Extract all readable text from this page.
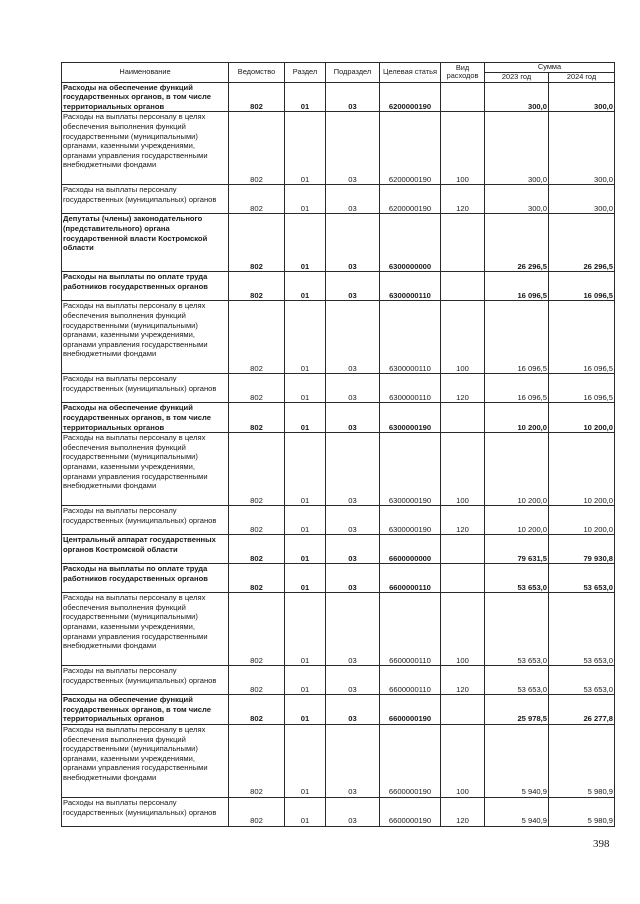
Наименование	Ведомство	Раздел	Подраздел	Целевая статья	Вид расходов	Сумма	
						2023 год	2024 год
Расходы на обеспечение функций государственных органов, в том числе территориальных органов	802	01	03	6200000190		300,0	300,0
Расходы на выплаты персоналу в целях обеспечения выполнения функций государственными (муниципальными) органами, казенными учреждениями, органами управления государственными внебюджетными фондами	802	01	03	6200000190	100	300,0	300,0
Расходы на выплаты персоналу государственных (муниципальных) органов	802	01	03	6200000190	120	300,0	300,0
Депутаты (члены) законодательного (представительного) органа государственной власти Костромской области	802	01	03	6300000000		26 296,5	26 296,5
Расходы на выплаты по оплате труда работников государственных органов	802	01	03	6300000110		16 096,5	16 096,5
Расходы на выплаты персоналу в целях обеспечения выполнения функций государственными (муниципальными) органами, казенными учреждениями, органами управления государственными внебюджетными фондами	802	01	03	6300000110	100	16 096,5	16 096,5
Расходы на выплаты персоналу государственных (муниципальных) органов	802	01	03	6300000110	120	16 096,5	16 096,5
Расходы на обеспечение функций государственных органов, в том числе территориальных органов	802	01	03	6300000190		10 200,0	10 200,0
Расходы на выплаты персоналу в целях обеспечения выполнения функций государственными (муниципальными) органами, казенными учреждениями, органами управления государственными внебюджетными фондами	802	01	03	6300000190	100	10 200,0	10 200,0
Расходы на выплаты персоналу государственных (муниципальных) органов	802	01	03	6300000190	120	10 200,0	10 200,0
Центральный аппарат государственных органов Костромской области	802	01	03	6600000000		79 631,5	79 930,8
Расходы на выплаты по оплате труда работников государственных органов	802	01	03	6600000110		53 653,0	53 653,0
Расходы на выплаты персоналу в целях обеспечения выполнения функций государственными (муниципальными) органами, казенными учреждениями, органами управления государственными внебюджетными фондами	802	01	03	6600000110	100	53 653,0	53 653,0
Расходы на выплаты персоналу государственных (муниципальных) органов	802	01	03	6600000110	120	53 653,0	53 653,0
Расходы на обеспечение функций государственных органов, в том числе территориальных органов	802	01	03	6600000190		25 978,5	26 277,8
Расходы на выплаты персоналу в целях обеспечения выполнения функций государственными (муниципальными) органами, казенными учреждениями, органами управления государственными внебюджетными фондами	802	01	03	6600000190	100	5 940,9	5 980,9
Расходы на выплаты персоналу государственных (муниципальных) органов	802	01	03	6600000190	120	5 940,9	5 980,9
398
